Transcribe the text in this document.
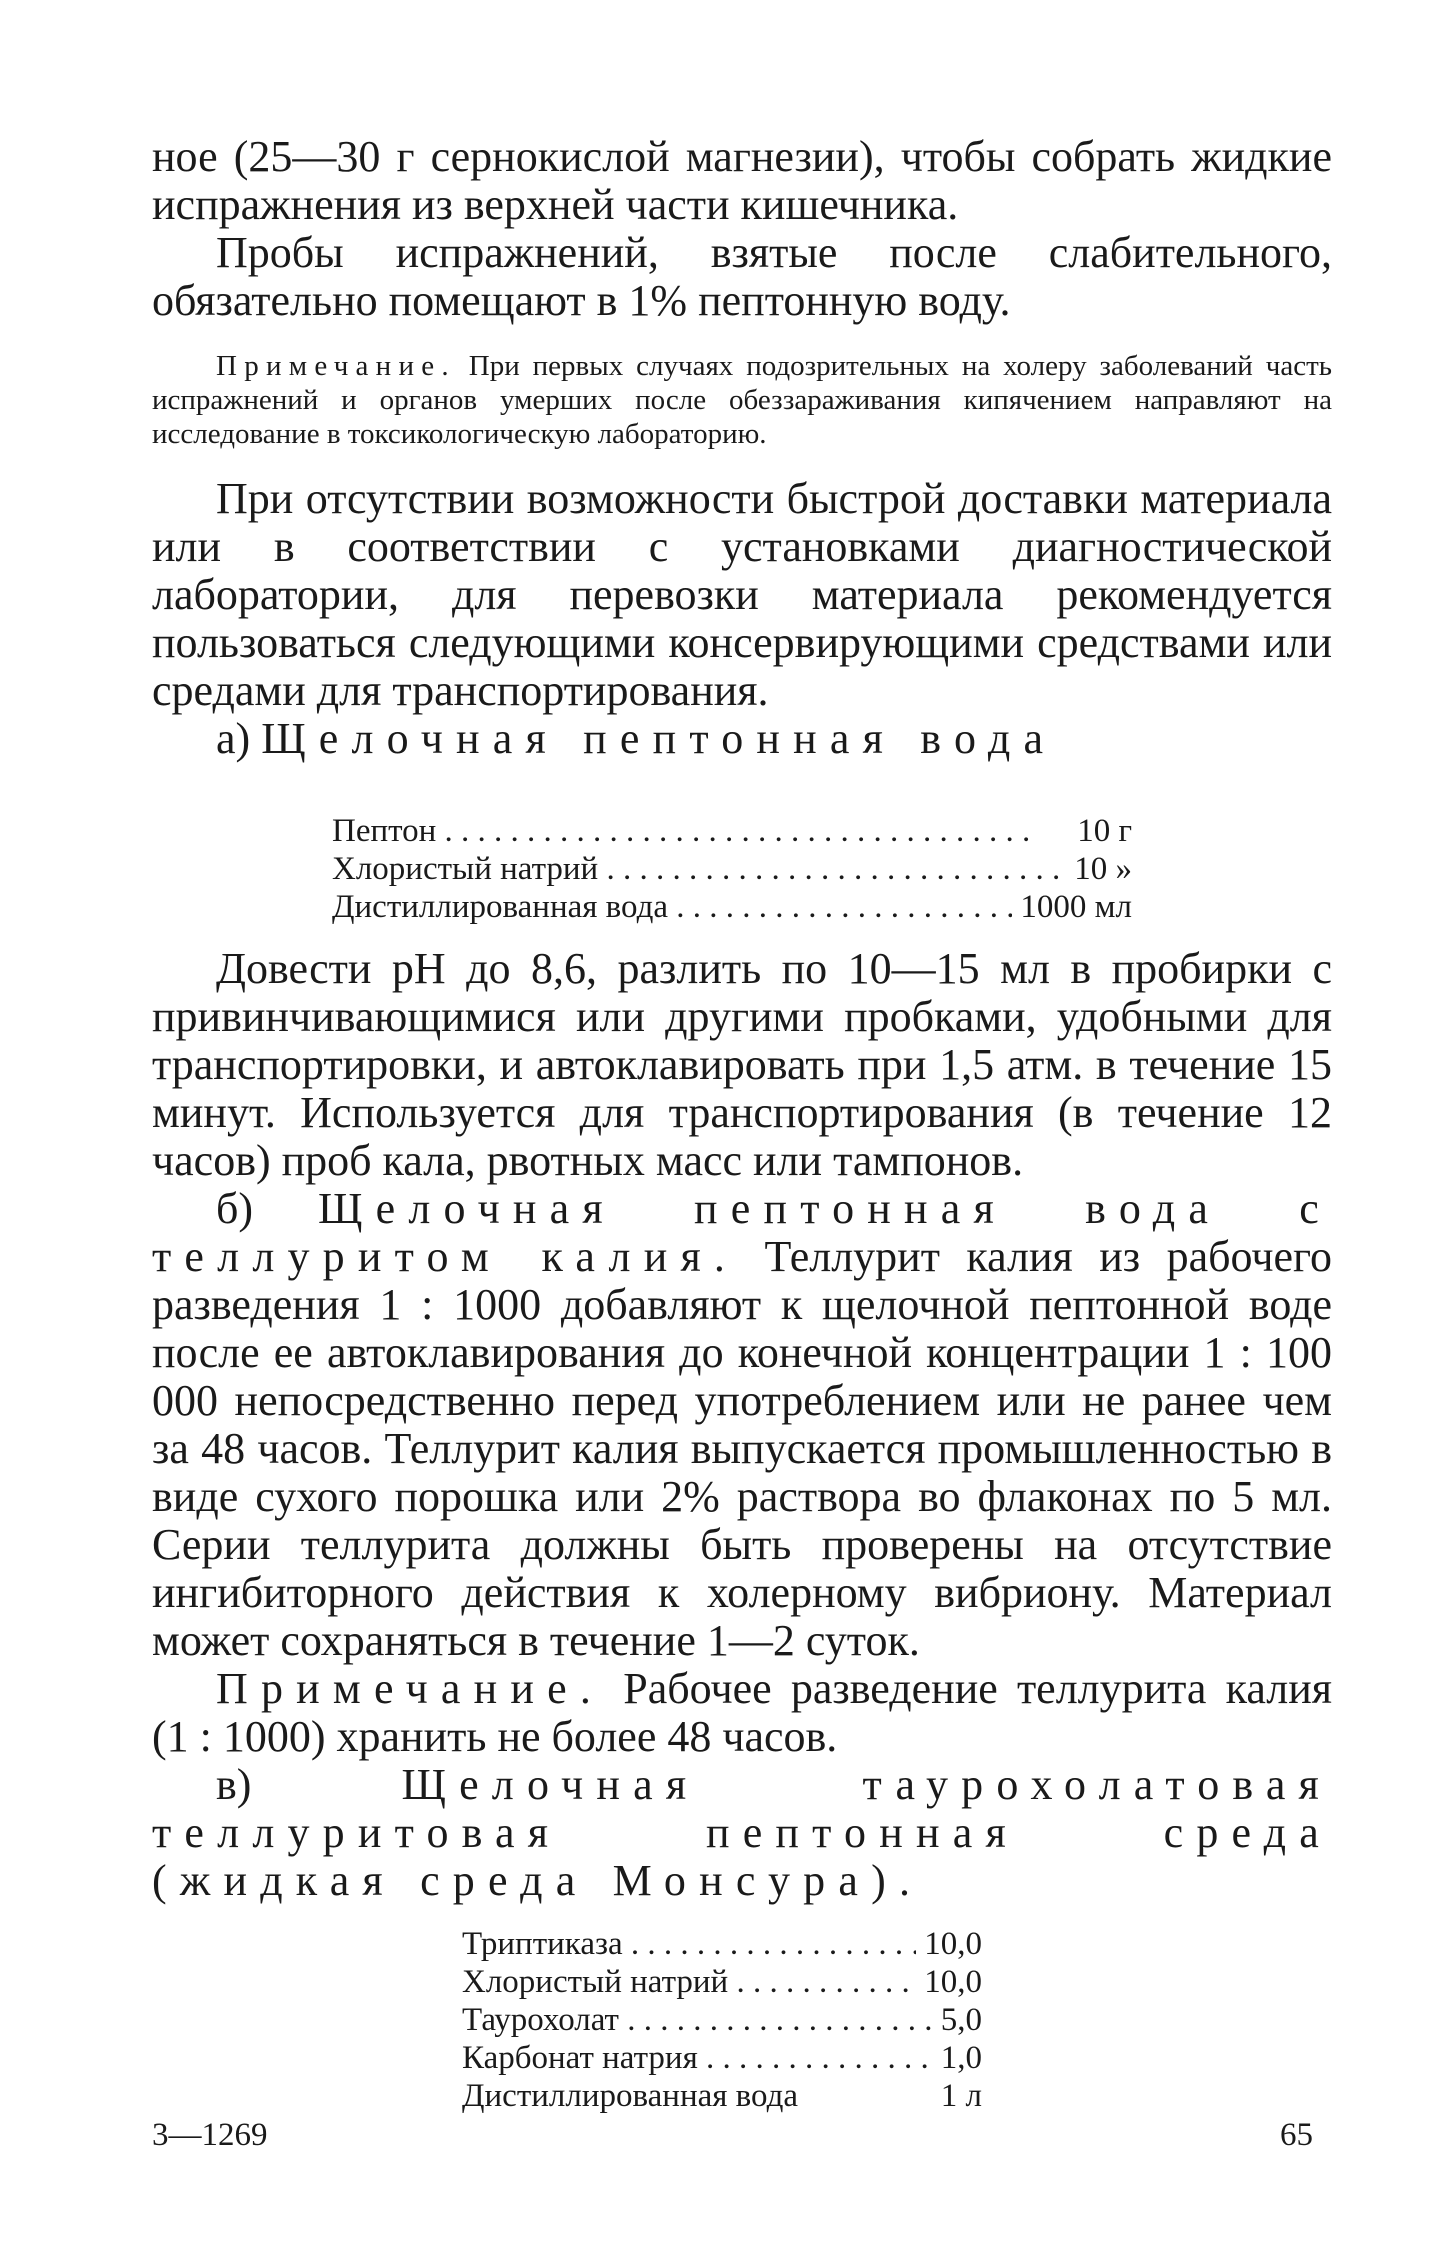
ное (25—30 г сернокислой магнезии), чтобы собрать жидкие испражнения из верхней части кишечника.

Пробы испражнений, взятые после слабительного, обязательно помещают в 1% пептонную воду.

Примечание. При первых случаях подозрительных на холеру заболеваний часть испражнений и органов умерших после обеззараживания кипячением направляют на исследование в токсикологическую лабораторию.

При отсутствии возможности быстрой доставки материала или в соответствии с установками диагностической лаборатории, для перевозки материала рекомендуется пользоваться следующими консервирующими средствами или средами для транспортирования.

а) Щелочная пептонная вода

Пептон . . .	10 г
Хлористый натрий . . .	10 »
Дистиллированная вода . . .	1000 мл

Довести рН до 8,6, разлить по 10—15 мл в пробирки с привинчивающимися или другими пробками, удобными для транспортировки, и автоклавировать при 1,5 атм. в течение 15 минут. Используется для транспортирования (в течение 12 часов) проб кала, рвотных масс или тампонов.

б) Щелочная пептонная вода с теллуритом калия. Теллурит калия из рабочего разведения 1 : 1000 добавляют к щелочной пептонной воде после ее автоклавирования до конечной концентрации 1 : 100 000 непосредственно перед употреблением или не ранее чем за 48 часов. Теллурит калия выпускается промышленностью в виде сухого порошка или 2% раствора во флаконах по 5 мл. Серии теллурита должны быть проверены на отсутствие ингибиторного действия к холерному вибриону. Материал может сохраняться в течение 1—2 суток.

Примечание. Рабочее разведение теллурита калия (1 : 1000) хранить не более 48 часов.

в) Щелочная таурохолатовая теллуритовая пептонная среда (жидкая среда Монсура).

Триптиказа . . .	10,0
Хлористый натрий . . .	10,0
Таурохолат . . .	5,0
Карбонат натрия . . .	1,0
Дистиллированная вода	1 л
3—1269	65
